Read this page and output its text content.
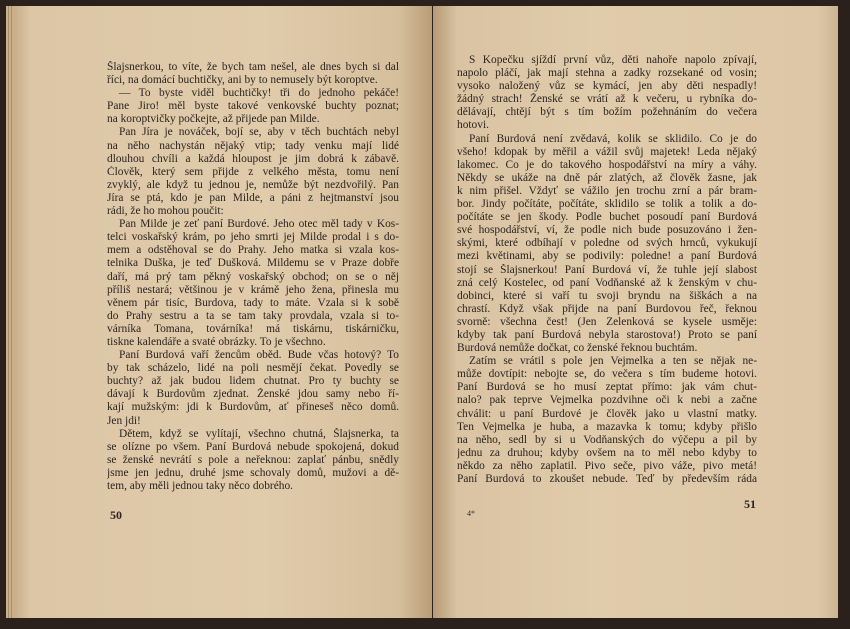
Šlajsnerkou, to víte, že bych tam nešel, ale dnes bych si dal
říci, na domácí buchtičky, ani by to nemusely být koroptve.
— To byste viděl buchtičky! tři do jednoho pekáče!
Pane Jiro! měl byste takové venkovské buchty poznat;
na koroptvičky počkejte, až přijede pan Milde.
Pan Jíra je nováček, bojí se, aby v těch buchtách nebyl
na něho nachystán nějaký vtip; tady venku mají lidé
dlouhou chvíli a každá hloupost je jim dobrá k zábavě.
Člověk, který sem přijde z velkého města, tomu není
zvyklý, ale když tu jednou je, nemůže být nezdvořilý. Pan
Jíra se ptá, kdo je pan Milde, a páni z hejtmanství jsou
rádi, že ho mohou poučit:
Pan Milde je zeť paní Burdové. Jeho otec měl tady v Kos-
telci voskařský krám, po jeho smrti jej Milde prodal i s do-
mem a odstěhoval se do Prahy. Jeho matka si vzala kos-
telnika Duška, je teď Dušková. Mildemu se v Praze dobře
daří, má prý tam pěkný voskařský obchod; on se o něj
příliš nestará; většinou je v krámě jeho žena, přinesla mu
věnem pár tisíc, Burdova, tady to máte. Vzala si k sobě
do Prahy sestru a ta se tam taky provdala, vzala si to-
várníka Tomana, továrníka! má tiskárnu, tiskárničku,
tiskne kalendáře a svaté obrázky. To je všechno.
Paní Burdová vaří žencům oběd. Bude včas hotový? To
by tak scházelo, lidé na poli nesmějí čekat. Povedly se
buchty? až jak budou lidem chutnat. Pro ty buchty se
dávají k Burdovům zjednat. Ženské jdou samy nebo ří-
kají mužským: jdi k Burdovům, ať přineseš něco domů.
Jen jdi!
Dětem, když se vylítají, všechno chutná, Šlajsnerka, ta
se olízne po všem. Paní Burdová nebude spokojená, dokud
se ženské nevrátí s pole a neřeknou: zaplať pánbu, snědly
jsme jen jednu, druhé jsme schovaly domů, mužovi a dě-
tem, aby měli jednou taky něco dobrého.
50
S Kopečku sjíždí první vůz, děti nahoře napolo zpívají,
napolo pláčí, jak mají stehna a zadky rozsekané od vosin;
vysoko naložený vůz se kymácí, jen aby děti nespadly!
žádný strach! Ženské se vrátí až k večeru, u rybníka do-
dělávají, chtějí být s tím božím požehnáním do večera
hotovi.
Paní Burdová není zvědavá, kolik se sklidilo. Co je do
všeho! kdopak by měřil a vážil svůj majetek! Leda nějaký
lakomec. Co je do takového hospodářství na míry a váhy.
Někdy se ukáže na dně pár zlatých, až člověk žasne, jak
k nim přišel. Vždyť se vážilo jen trochu zrní a pár bram-
bor. Jindy počítáte, počítáte, sklidilo se tolik a tolik a do-
počítáte se jen škody. Podle buchet posoudí paní Burdová
své hospodářství, ví, že podle nich bude posuzováno i žen-
skými, které odbíhají v poledne od svých hrnců, vykukují
mezi květinami, aby se podivily: poledne! a paní Burdová
stojí se Šlajsnerkou! Paní Burdová ví, že tuhle její slabost
zná celý Kostelec, od paní Vodňanské až k ženským v chu-
dobinci, které si vaří tu svoji bryndu na šiškách a na
chrastí. Když však přijde na paní Burdovou řeč, řeknou
svorně: všechna čest! (Jen Zelenková se kysele usměje:
kdyby tak paní Burdová nebyla starostova!) Proto se paní
Burdová nemůže dočkat, co ženské řeknou buchtám.
Zatím se vrátil s pole jen Vejmelka a ten se nějak ne-
může dovtípit: nebojte se, do večera s tím budeme hotovi.
Paní Burdová se ho musí zeptat přímo: jak vám chut-
nalo? pak teprve Vejmelka pozdvihne oči k nebi a začne
chválit: u paní Burdové je člověk jako u vlastní matky.
Ten Vejmelka je huba, a mazavka k tomu; kdyby přišlo
na něho, sedl by si u Vodňanských do výčepu a pil by
jednu za druhou; kdyby ovšem na to měl nebo kdyby to
někdo za něho zaplatil. Pivo seče, pivo váže, pivo metá!
Paní Burdová to zkoušet nebude. Teď by především ráda
4*
51
